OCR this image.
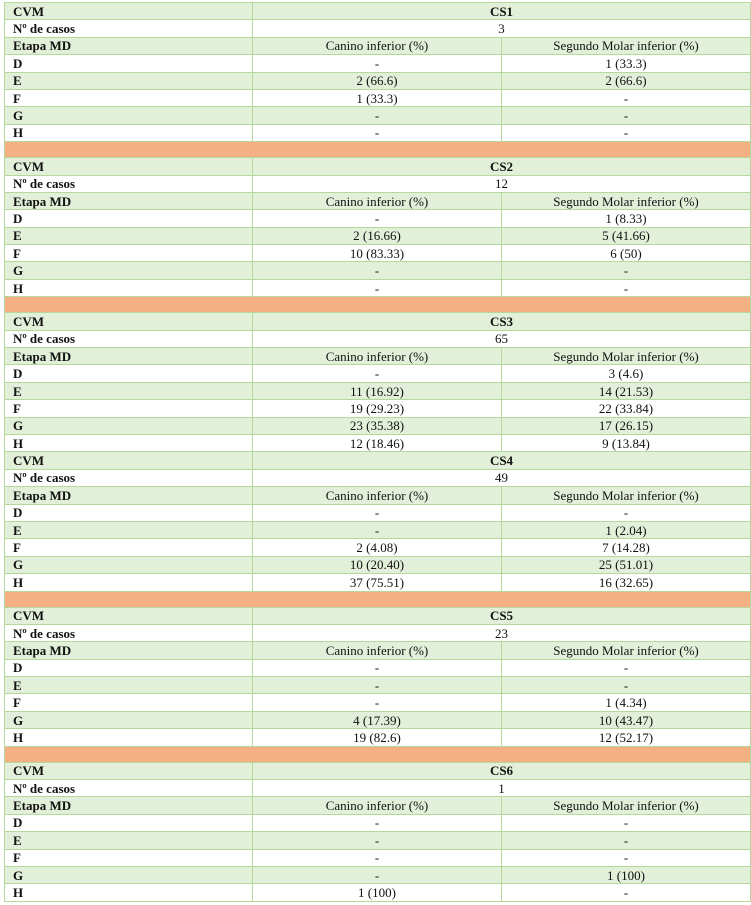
CVM	CS1	
Nº de casos	3	
Etapa MD	Canino inferior (%)	Segundo Molar inferior (%)
D	-	1 (33.3)
E	2 (66.6)	2 (66.6)
F	1 (33.3)	-
G	-	-
H	-	-

CVM	CS2	
Nº de casos	12	
Etapa MD	Canino inferior (%)	Segundo Molar inferior (%)
D	-	1 (8.33)
E	2 (16.66)	5 (41.66)
F	10 (83.33)	6 (50)
G	-	-
H	-	-

CVM	CS3	
Nº de casos	65	
Etapa MD	Canino inferior (%)	Segundo Molar inferior (%)
D	-	3 (4.6)
E	11 (16.92)	14 (21.53)
F	19 (29.23)	22 (33.84)
G	23 (35.38)	17 (26.15)
H	12 (18.46)	9 (13.84)
CVM	CS4	
Nº de casos	49	
Etapa MD	Canino inferior (%)	Segundo Molar inferior (%)
D	-	-
E	-	1 (2.04)
F	2 (4.08)	7 (14.28)
G	10 (20.40)	25 (51.01)
H	37 (75.51)	16 (32.65)

CVM	CS5	
Nº de casos	23	
Etapa MD	Canino inferior (%)	Segundo Molar inferior (%)
D	-	-
E	-	-
F	-	1 (4.34)
G	4 (17.39)	10 (43.47)
H	19 (82.6)	12 (52.17)

CVM	CS6	
Nº de casos	1	
Etapa MD	Canino inferior (%)	Segundo Molar inferior (%)
D	-	-
E	-	-
F	-	-
G	-	1 (100)
H	1 (100)	-
